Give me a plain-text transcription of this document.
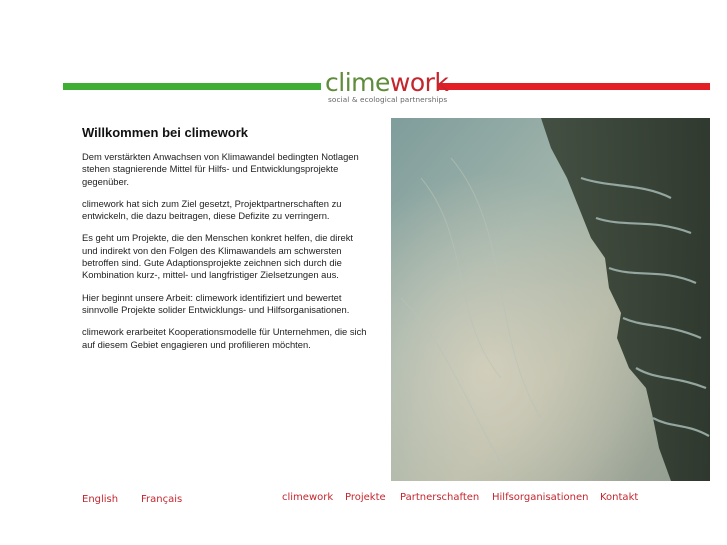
climework
social & ecological partnerships
Willkommen bei climework

Dem verstärkten Anwachsen von Klimawandel bedingten Notlagen stehen stagnierende Mittel für Hilfs- und Entwicklungsprojekte gegenüber.

climework hat sich zum Ziel gesetzt, Projektpartnerschaften zu entwickeln, die dazu beitragen, diese Defizite zu verringern.

Es geht um Projekte, die den Menschen konkret helfen, die direkt und indirekt von den Folgen des Klimawandels am schwersten betroffen sind. Gute Adaptionsprojekte zeichnen sich durch die Kombination kurz-, mittel- und langfristiger Zielsetzungen aus.

Hier beginnt unsere Arbeit: climework identifiziert und bewertet sinnvolle Projekte solider Entwicklungs- und Hilfsorganisationen.

climework erarbeitet Kooperationsmodelle für Unternehmen, die sich auf diesem Gebiet engagieren und profilieren möchten.

English Français	climework Projekte Partnerschaften Hilfsorganisationen Kontakt
